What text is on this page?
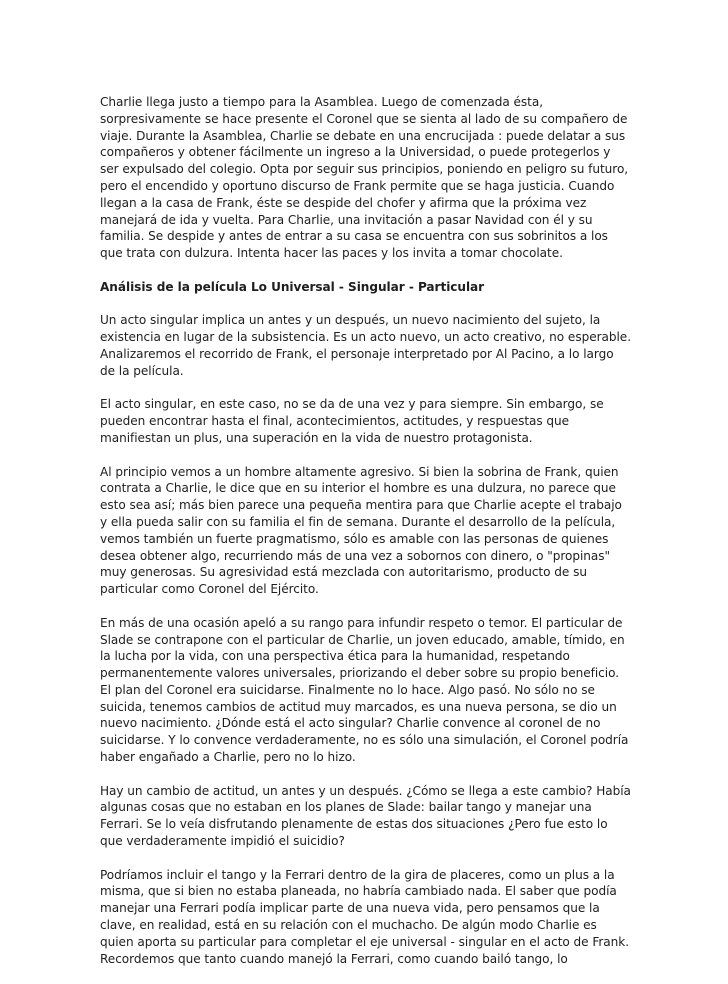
Charlie llega justo a tiempo para la Asamblea. Luego de comenzada ésta, sorpresivamente se hace presente el Coronel que se sienta al lado de su compañero de viaje. Durante la Asamblea, Charlie se debate en una encrucijada : puede delatar a sus compañeros y obtener fácilmente un ingreso a la Universidad, o puede protegerlos y ser expulsado del colegio. Opta por seguir sus principios, poniendo en peligro su futuro, pero el encendido y oportuno discurso de Frank permite que se haga justicia. Cuando llegan a la casa de Frank, éste se despide del chofer y afirma que la próxima vez manejará de ida y vuelta. Para Charlie, una invitación a pasar Navidad con él y su familia. Se despide y antes de entrar a su casa se encuentra con sus sobrinitos a los que trata con dulzura. Intenta hacer las paces y los invita a tomar chocolate.

Análisis de la película Lo Universal - Singular - Particular

Un acto singular implica un antes y un después, un nuevo nacimiento del sujeto, la existencia en lugar de la subsistencia. Es un acto nuevo, un acto creativo, no esperable. Analizaremos el recorrido de Frank, el personaje interpretado por Al Pacino, a lo largo de la película.

El acto singular, en este caso, no se da de una vez y para siempre. Sin embargo, se pueden encontrar hasta el final, acontecimientos, actitudes, y respuestas que manifiestan un plus, una superación en la vida de nuestro protagonista.

Al principio vemos a un hombre altamente agresivo. Si bien la sobrina de Frank, quien contrata a Charlie, le dice que en su interior el hombre es una dulzura, no parece que esto sea así; más bien parece una pequeña mentira para que Charlie acepte el trabajo y ella pueda salir con su familia el fin de semana. Durante el desarrollo de la película, vemos también un fuerte pragmatismo, sólo es amable con las personas de quienes desea obtener algo, recurriendo más de una vez a sobornos con dinero, o "propinas" muy generosas. Su agresividad está mezclada con autoritarismo, producto de su particular como Coronel del Ejército.

En más de una ocasión apeló a su rango para infundir respeto o temor. El particular de Slade se contrapone con el particular de Charlie, un joven educado, amable, tímido, en la lucha por la vida, con una perspectiva ética para la humanidad, respetando permanentemente valores universales, priorizando el deber sobre su propio beneficio. El plan del Coronel era suicidarse. Finalmente no lo hace. Algo pasó. No sólo no se suicida, tenemos cambios de actitud muy marcados, es una nueva persona, se dio un nuevo nacimiento. ¿Dónde está el acto singular? Charlie convence al coronel de no suicidarse. Y lo convence verdaderamente, no es sólo una simulación, el Coronel podría haber engañado a Charlie, pero no lo hizo.

Hay un cambio de actitud, un antes y un después. ¿Cómo se llega a este cambio? Había algunas cosas que no estaban en los planes de Slade: bailar tango y manejar una Ferrari. Se lo veía disfrutando plenamente de estas dos situaciones ¿Pero fue esto lo que verdaderamente impidió el suicidio?

Podríamos incluir el tango y la Ferrari dentro de la gira de placeres, como un plus a la misma, que si bien no estaba planeada, no habría cambiado nada. El saber que podía manejar una Ferrari podía implicar parte de una nueva vida, pero pensamos que la clave, en realidad, está en su relación con el muchacho. De algún modo Charlie es quien aporta su particular para completar el eje universal - singular en el acto de Frank. Recordemos que tanto cuando manejó la Ferrari, como cuando bailó tango, lo
